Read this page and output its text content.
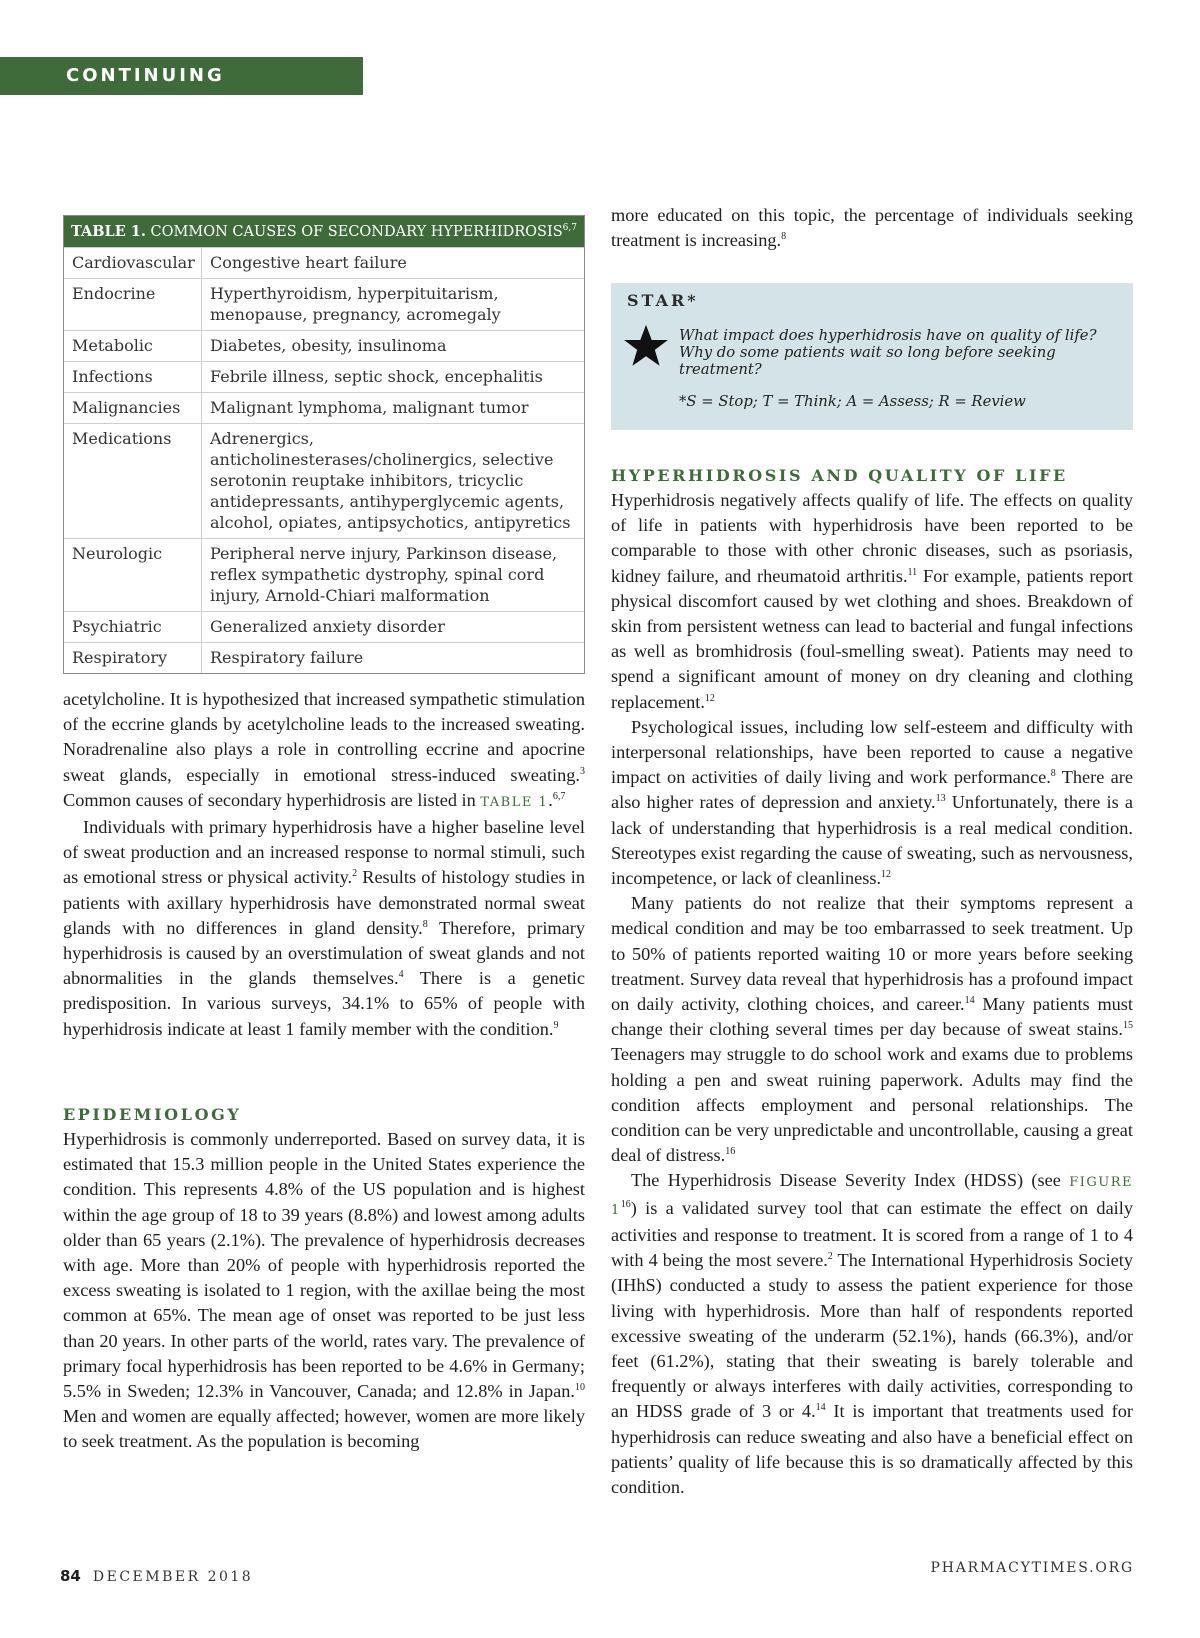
CONTINUING EDUCATION
TABLE 1. COMMON CAUSES OF SECONDARY HYPERHIDROSIS$^{6,7}$
Cardiovascular Congestive heart failure
Endocrine	Hyperthyroidism, hyperpituitarism, menopause, pregnancy, acromegaly
Metabolic	Diabetes, obesity, insulinoma
Infections	Febrile illness, septic shock, encephalitis
Malignancies	Malignant lymphoma, malignant tumor
Medications	Adrenergics, anticholinesterases/cholinergics, selective serotonin reuptake inhibitors, tricyclic antidepressants, antihyperglycemic agents, alcohol, opiates, antipsychotics, antipyretics
Neurologic	Peripheral nerve injury, Parkinson disease, reflex sympathetic dystrophy, spinal cord injury, Arnold-Chiari malformation
Psychiatric	Generalized anxiety disorder
Respiratory	Respiratory failure

acetylcholine. It is hypothesized that increased sympathetic stimulation of the eccrine glands by acetylcholine leads to the increased sweating. Noradrenaline also plays a role in controlling eccrine and apocrine sweat glands, especially in emotional stress-induced sweating.$^3$ Common causes of secondary hyperhidrosis are listed in TABLE 1.$^{6,7}$

Individuals with primary hyperhidrosis have a higher baseline level of sweat production and an increased response to normal stimuli, such as emotional stress or physical activity.$^2$ Results of histology studies in patients with axillary hyperhidrosis have demonstrated normal sweat glands with no differences in gland density.$^8$ Therefore, primary hyperhidrosis is caused by an overstimulation of sweat glands and not abnormalities in the glands themselves.$^4$ There is a genetic predisposition. In various surveys, 34.1% to 65% of people with hyperhidrosis indicate at least 1 family member with the condition.$^9$

EPIDEMIOLOGY

Hyperhidrosis is commonly underreported. Based on survey data, it is estimated that 15.3 million people in the United States experience the condition. This represents 4.8% of the US population and is highest within the age group of 18 to 39 years (8.8%) and lowest among adults older than 65 years (2.1%). The prevalence of hyperhidrosis decreases with age. More than 20% of people with hyperhidrosis reported the excess sweating is isolated to 1 region, with the axillae being the most common at 65%. The mean age of onset was reported to be just less than 20 years. In other parts of the world, rates vary. The prevalence of primary focal hyperhidrosis has been reported to be 4.6% in Germany; 5.5% in Sweden; 12.3% in Vancouver, Canada; and 12.8% in Japan.$^{10}$ Men and women are equally affected; however, women are more likely to seek treatment. As the population is becoming

more educated on this topic, the percentage of individuals seeking treatment is increasing.$^8$

STAR*
What impact does hyperhidrosis have on quality of life? Why do some patients wait so long before seeking treatment?
*S = Stop; T = Think; A = Assess; R = Review
HYPERHIDROSIS AND QUALITY OF LIFE

Hyperhidrosis negatively affects qualify of life. The effects on quality of life in patients with hyperhidrosis have been reported to be comparable to those with other chronic diseases, such as psoriasis, kidney failure, and rheumatoid arthritis.$^{11}$ For example, patients report physical discomfort caused by wet clothing and shoes. Breakdown of skin from persistent wetness can lead to bacterial and fungal infections as well as bromhidrosis (foul-smelling sweat). Patients may need to spend a significant amount of money on dry cleaning and clothing replacement.$^{12}$

Psychological issues, including low self-esteem and difficulty with interpersonal relationships, have been reported to cause a negative impact on activities of daily living and work performance.$^8$ There are also higher rates of depression and anxiety.$^{13}$ Unfortunately, there is a lack of understanding that hyperhidrosis is a real medical condition. Stereotypes exist regarding the cause of sweating, such as nervousness, incompetence, or lack of cleanliness.$^{12}$

Many patients do not realize that their symptoms represent a medical condition and may be too embarrassed to seek treatment. Up to 50% of patients reported waiting 10 or more years before seeking treatment. Survey data reveal that hyperhidrosis has a profound impact on daily activity, clothing choices, and career.$^{14}$ Many patients must change their clothing several times per day because of sweat stains.$^{15}$ Teenagers may struggle to do school work and exams due to problems holding a pen and sweat ruining paperwork. Adults may find the condition affects employment and personal relationships. The condition can be very unpredictable and uncontrollable, causing a great deal of distress.$^{16}$

The Hyperhidrosis Disease Severity Index (HDSS) (see FIGURE $1^{16}$) is a validated survey tool that can estimate the effect on daily activities and response to treatment. It is scored from a range of 1 to 4 with 4 being the most severe.$^2$ The International Hyperhidrosis Society (IHhS) conducted a study to assess the patient experience for those living with hyperhidrosis. More than half of respondents reported excessive sweating of the underarm (52.1%), hands (66.3%), and/or feet (61.2%), stating that their sweating is barely tolerable and frequently or always interferes with daily activities, corresponding to an HDSS grade of 3 or 4.14 It is important that treatments used for hyperhidrosis can reduce sweating and also have a beneficial effect on patients’ quality of life because this is so dramatically affected by this condition.

84 DECEMBER 2018
PHARMACYTIMES.ORG
